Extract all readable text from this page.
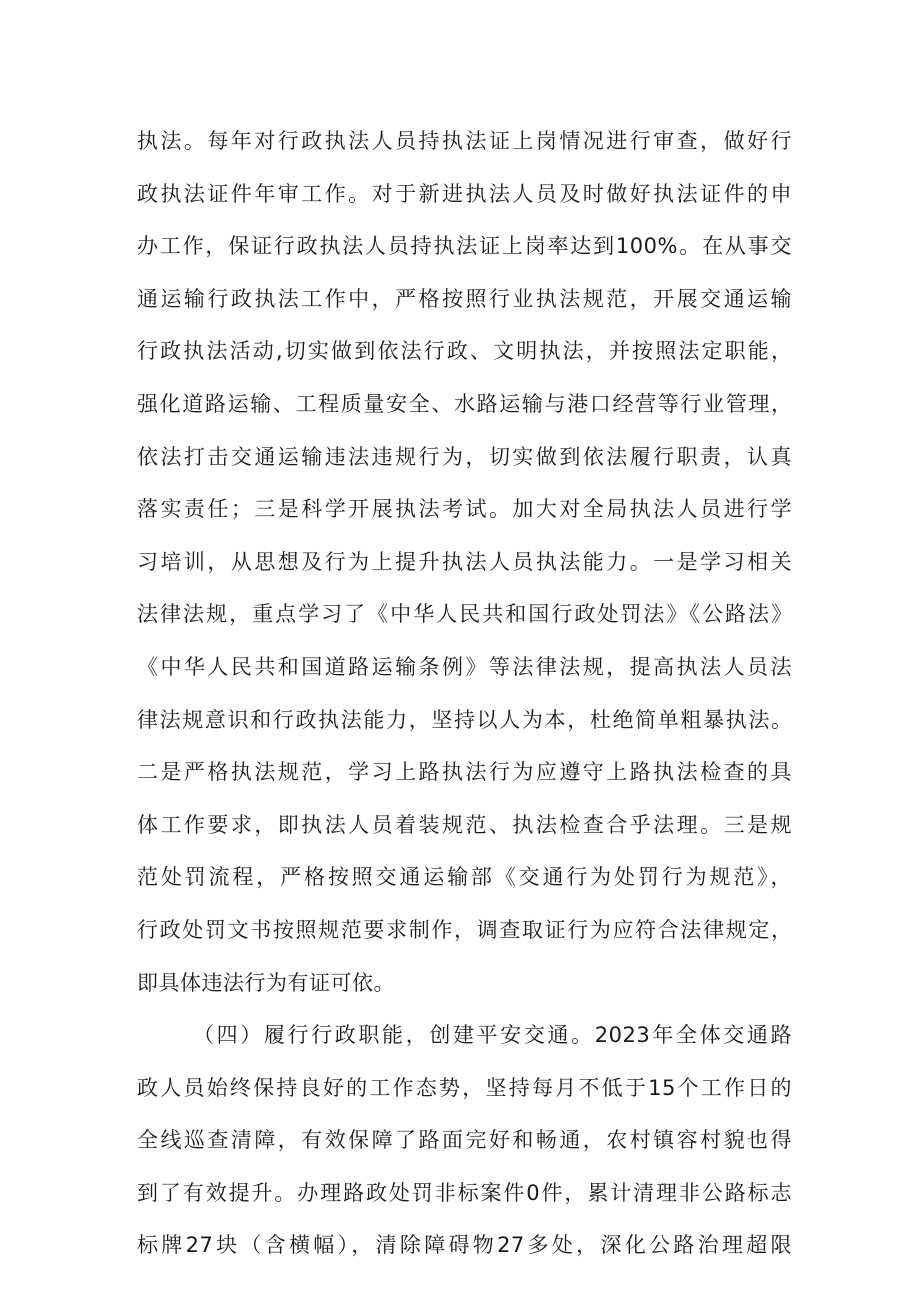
执法。每年对行政执法人员持执法证上岗情况进行审查，做好行
政执法证件年审工作。对于新进执法人员及时做好执法证件的申
办工作，保证行政执法人员持执法证上岗率达到100%。在从事交
通运输行政执法工作中，严格按照行业执法规范，开展交通运输
行政执法活动,切实做到依法行政、文明执法，并按照法定职能，
强化道路运输、工程质量安全、水路运输与港口经营等行业管理，
依法打击交通运输违法违规行为，切实做到依法履行职责，认真
落实责任；三是科学开展执法考试。加大对全局执法人员进行学
习培训，从思想及行为上提升执法人员执法能力。一是学习相关
法律法规，重点学习了《中华人民共和国行政处罚法》《公路法》
《中华人民共和国道路运输条例》等法律法规，提高执法人员法
律法规意识和行政执法能力，坚持以人为本，杜绝简单粗暴执法。
二是严格执法规范，学习上路执法行为应遵守上路执法检查的具
体工作要求，即执法人员着装规范、执法检查合乎法理。三是规
范处罚流程，严格按照交通运输部《交通行为处罚行为规范》，
行政处罚文书按照规范要求制作，调查取证行为应符合法律规定，
即具体违法行为有证可依。
（四）履行行政职能，创建平安交通。2023年全体交通路
政人员始终保持良好的工作态势，坚持每月不低于15个工作日的
全线巡查清障，有效保障了路面完好和畅通，农村镇容村貌也得
到了有效提升。办理路政处罚非标案件0件，累计清理非公路标志
标牌27块（含横幅），清除障碍物27多处，深化公路治理超限
